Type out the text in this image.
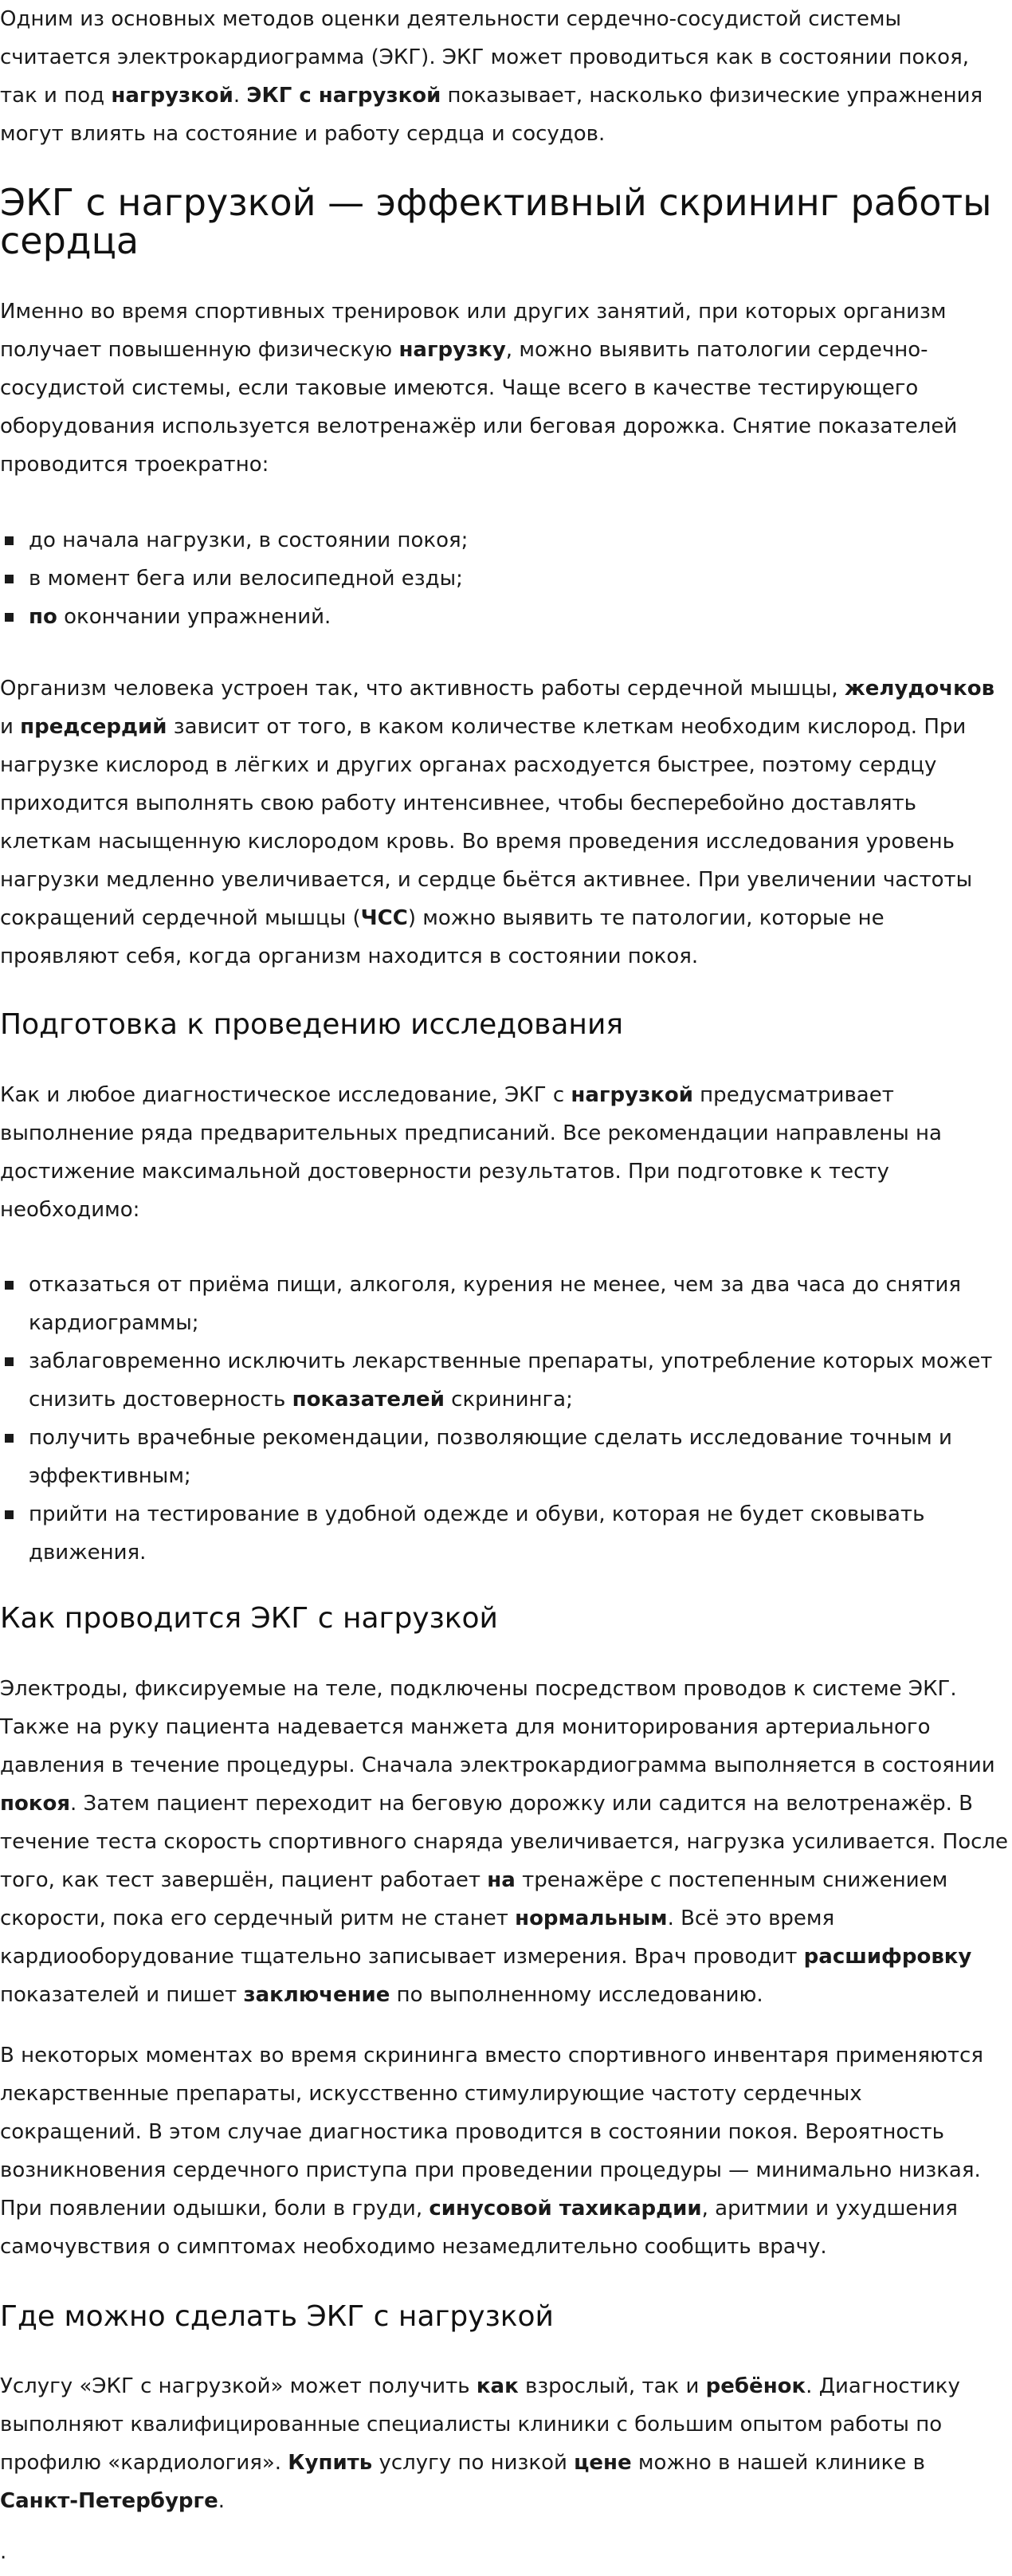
Одним из основных методов оценки деятельности сердечно-сосудистой системы считается электрокардиограмма (ЭКГ). ЭКГ может проводиться как в состоянии покоя, так и под нагрузкой. ЭКГ с нагрузкой показывает, насколько физические упражнения могут влиять на состояние и работу сердца и сосудов.

ЭКГ с нагрузкой — эффективный скрининг работы сердца

Именно во время спортивных тренировок или других занятий, при которых организм получает повышенную физическую нагрузку, можно выявить патологии сердечно-сосудистой системы, если таковые имеются. Чаще всего в качестве тестирующего оборудования используется велотренажёр или беговая дорожка. Снятие показателей проводится троекратно:

до начала нагрузки, в состоянии покоя;
в момент бега или велосипедной езды;
по окончании упражнений.

Организм человека устроен так, что активность работы сердечной мышцы, желудочков и предсердий зависит от того, в каком количестве клеткам необходим кислород. При нагрузке кислород в лёгких и других органах расходуется быстрее, поэтому сердцу приходится выполнять свою работу интенсивнее, чтобы бесперебойно доставлять клеткам насыщенную кислородом кровь. Во время проведения исследования уровень нагрузки медленно увеличивается, и сердце бьётся активнее. При увеличении частоты сокращений сердечной мышцы (ЧСС) можно выявить те патологии, которые не проявляют себя, когда организм находится в состоянии покоя.

Подготовка к проведению исследования

Как и любое диагностическое исследование, ЭКГ с нагрузкой предусматривает выполнение ряда предварительных предписаний. Все рекомендации направлены на достижение максимальной достоверности результатов. При подготовке к тесту необходимо:

отказаться от приёма пищи, алкоголя, курения не менее, чем за два часа до снятия кардиограммы;
заблаговременно исключить лекарственные препараты, употребление которых может снизить достоверность показателей скрининга;
получить врачебные рекомендации, позволяющие сделать исследование точным и эффективным;
прийти на тестирование в удобной одежде и обуви, которая не будет сковывать движения.
Как проводится ЭКГ с нагрузкой

Электроды, фиксируемые на теле, подключены посредством проводов к системе ЭКГ. Также на руку пациента надевается манжета для мониторирования артериального давления в течение процедуры. Сначала электрокардиограмма выполняется в состоянии покоя. Затем пациент переходит на беговую дорожку или садится на велотренажёр. В течение теста скорость спортивного снаряда увеличивается, нагрузка усиливается. После того, как тест завершён, пациент работает на тренажёре с постепенным снижением скорости, пока его сердечный ритм не станет нормальным. Всё это время кардиооборудование тщательно записывает измерения. Врач проводит расшифровку показателей и пишет заключение по выполненному исследованию.

В некоторых моментах во время скрининга вместо спортивного инвентаря применяются лекарственные препараты, искусственно стимулирующие частоту сердечных сокращений. В этом случае диагностика проводится в состоянии покоя. Вероятность возникновения сердечного приступа при проведении процедуры — минимально низкая. При появлении одышки, боли в груди, синусовой тахикардии, аритмии и ухудшения самочувствия о симптомах необходимо незамедлительно сообщить врачу.

Где можно сделать ЭКГ с нагрузкой

Услугу «ЭКГ с нагрузкой» может получить как взрослый, так и ребёнок. Диагностику выполняют квалифицированные специалисты клиники с большим опытом работы по профилю «кардиология». Купить услугу по низкой цене можно в нашей клинике в Санкт-Петербурге.

.
